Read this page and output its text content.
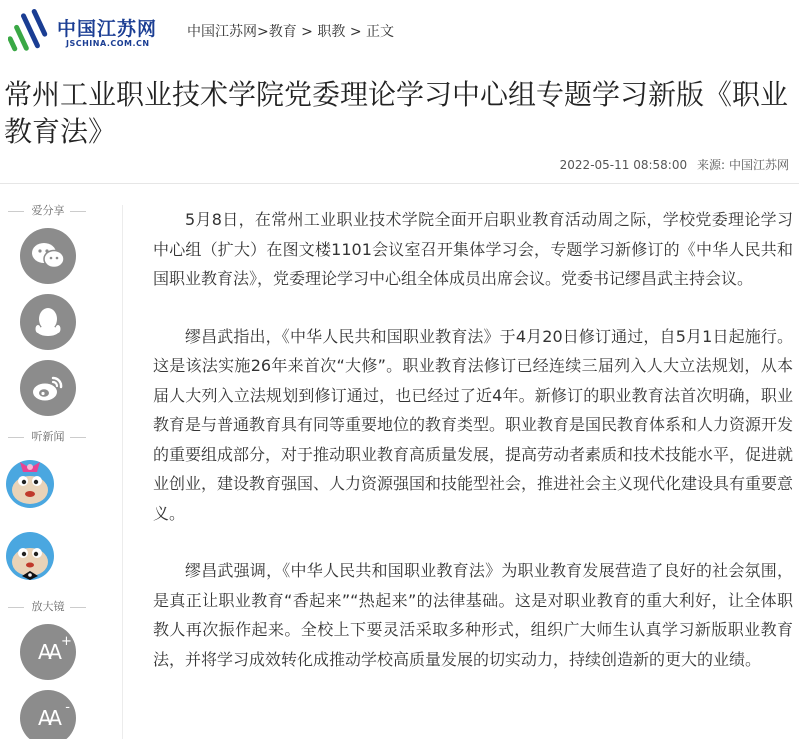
中国江苏网
JSCHINA.COM.CN
中国江苏网>教育 > 职教 > 正文
常州工业职业技术学院党委理论学习中心组专题学习新版《职业教育法》
2022-05-11 08:58:00 来源: 中国江苏网
爱分享
听新闻

放大镜
AA +
AA -

5月8日，在常州工业职业技术学院全面开启职业教育活动周之际，学校党委理论学习中心组（扩大）在图文楼1101会议室召开集体学习会，专题学习新修订的《中华人民共和国职业教育法》，党委理论学习中心组全体成员出席会议。党委书记缪昌武主持会议。

缪昌武指出，《中华人民共和国职业教育法》于4月20日修订通过，自5月1日起施行。这是该法实施26年来首次“大修”。职业教育法修订已经连续三届列入人大立法规划，从本届人大列入立法规划到修订通过，也已经过了近4年。新修订的职业教育法首次明确，职业教育是与普通教育具有同等重要地位的教育类型。职业教育是国民教育体系和人力资源开发的重要组成部分，对于推动职业教育高质量发展，提高劳动者素质和技术技能水平，促进就业创业，建设教育强国、人力资源强国和技能型社会，推进社会主义现代化建设具有重要意义。

缪昌武强调，《中华人民共和国职业教育法》为职业教育发展营造了良好的社会氛围，是真正让职业教育“香起来”“热起来”的法律基础。这是对职业教育的重大利好，让全体职教人再次振作起来。全校上下要灵活采取多种形式，组织广大师生认真学习新版职业教育法，并将学习成效转化成推动学校高质量发展的切实动力，持续创造新的更大的业绩。
